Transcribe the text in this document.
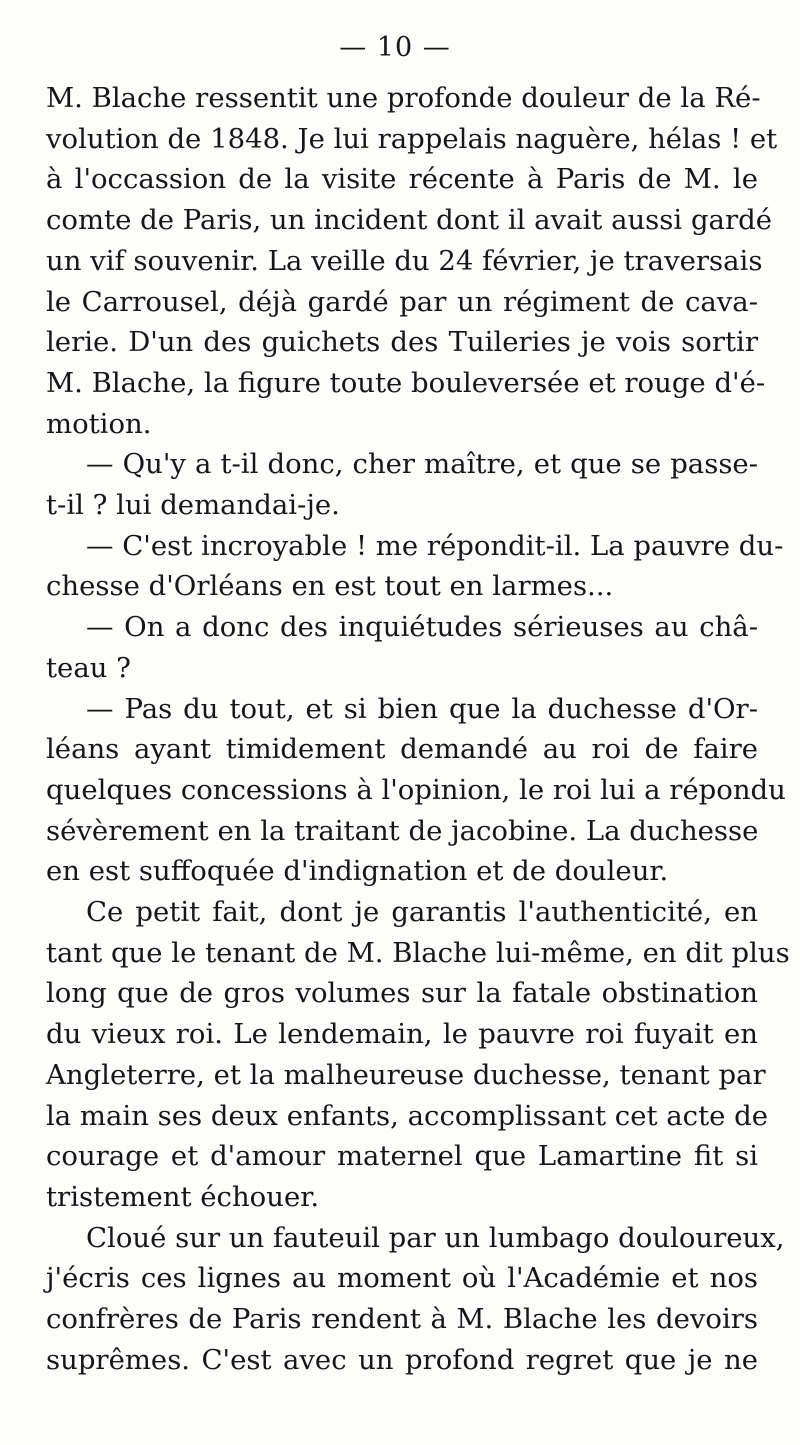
— 10 —
M. Blache ressentit une profonde douleur de la Ré-
volution de 1848. Je lui rappelais naguère, hélas ! et
à l'occassion de la visite récente à Paris de M. le
comte de Paris, un incident dont il avait aussi gardé
un vif souvenir. La veille du 24 février, je traversais
le Carrousel, déjà gardé par un régiment de cava-
lerie. D'un des guichets des Tuileries je vois sortir
M. Blache, la figure toute bouleversée et rouge d'é-
motion.
— Qu'y a t-il donc, cher maître, et que se passe-
t-il ? lui demandai-je.
— C'est incroyable ! me répondit-il. La pauvre du-
chesse d'Orléans en est tout en larmes...
— On a donc des inquiétudes sérieuses au châ-
teau ?
— Pas du tout, et si bien que la duchesse d'Or-
léans ayant timidement demandé au roi de faire
quelques concessions à l'opinion, le roi lui a répondu
sévèrement en la traitant de jacobine. La duchesse
en est suffoquée d'indignation et de douleur.
Ce petit fait, dont je garantis l'authenticité, en
tant que le tenant de M. Blache lui-même, en dit plus
long que de gros volumes sur la fatale obstination
du vieux roi. Le lendemain, le pauvre roi fuyait en
Angleterre, et la malheureuse duchesse, tenant par
la main ses deux enfants, accomplissant cet acte de
courage et d'amour maternel que Lamartine fit si
tristement échouer.
Cloué sur un fauteuil par un lumbago douloureux,
j'écris ces lignes au moment où l'Académie et nos
confrères de Paris rendent à M. Blache les devoirs
suprêmes. C'est avec un profond regret que je ne
